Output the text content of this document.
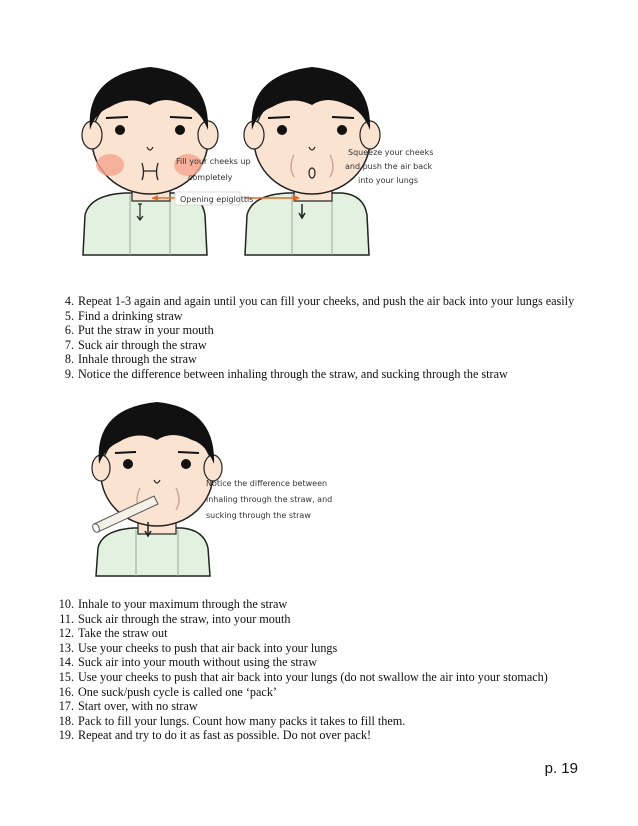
Opening epiglottis
Fill your cheeks up
completely
Squeeze your cheeks
and push the air back
into your lungs
4. Repeat 1-3 again and again until you can fill your cheeks, and push the air back into your lungs easily
5. Find a drinking straw
6. Put the straw in your mouth
7. Suck air through the straw
8. Inhale through the straw
9. Notice the difference between inhaling through the straw, and sucking through the straw
Notice the difference between
inhaling through the straw, and
sucking through the straw
10. Inhale to your maximum through the straw
11. Suck air through the straw, into your mouth
12. Take the straw out
13. Use your cheeks to push that air back into your lungs
14. Suck air into your mouth without using the straw
15. Use your cheeks to push that air back into your lungs (do not swallow the air into your stomach)
16. One suck/push cycle is called one ‘pack’
17. Start over, with no straw
18. Pack to fill your lungs. Count how many packs it takes to fill them.
19. Repeat and try to do it as fast as possible. Do not over pack!
p. 19
